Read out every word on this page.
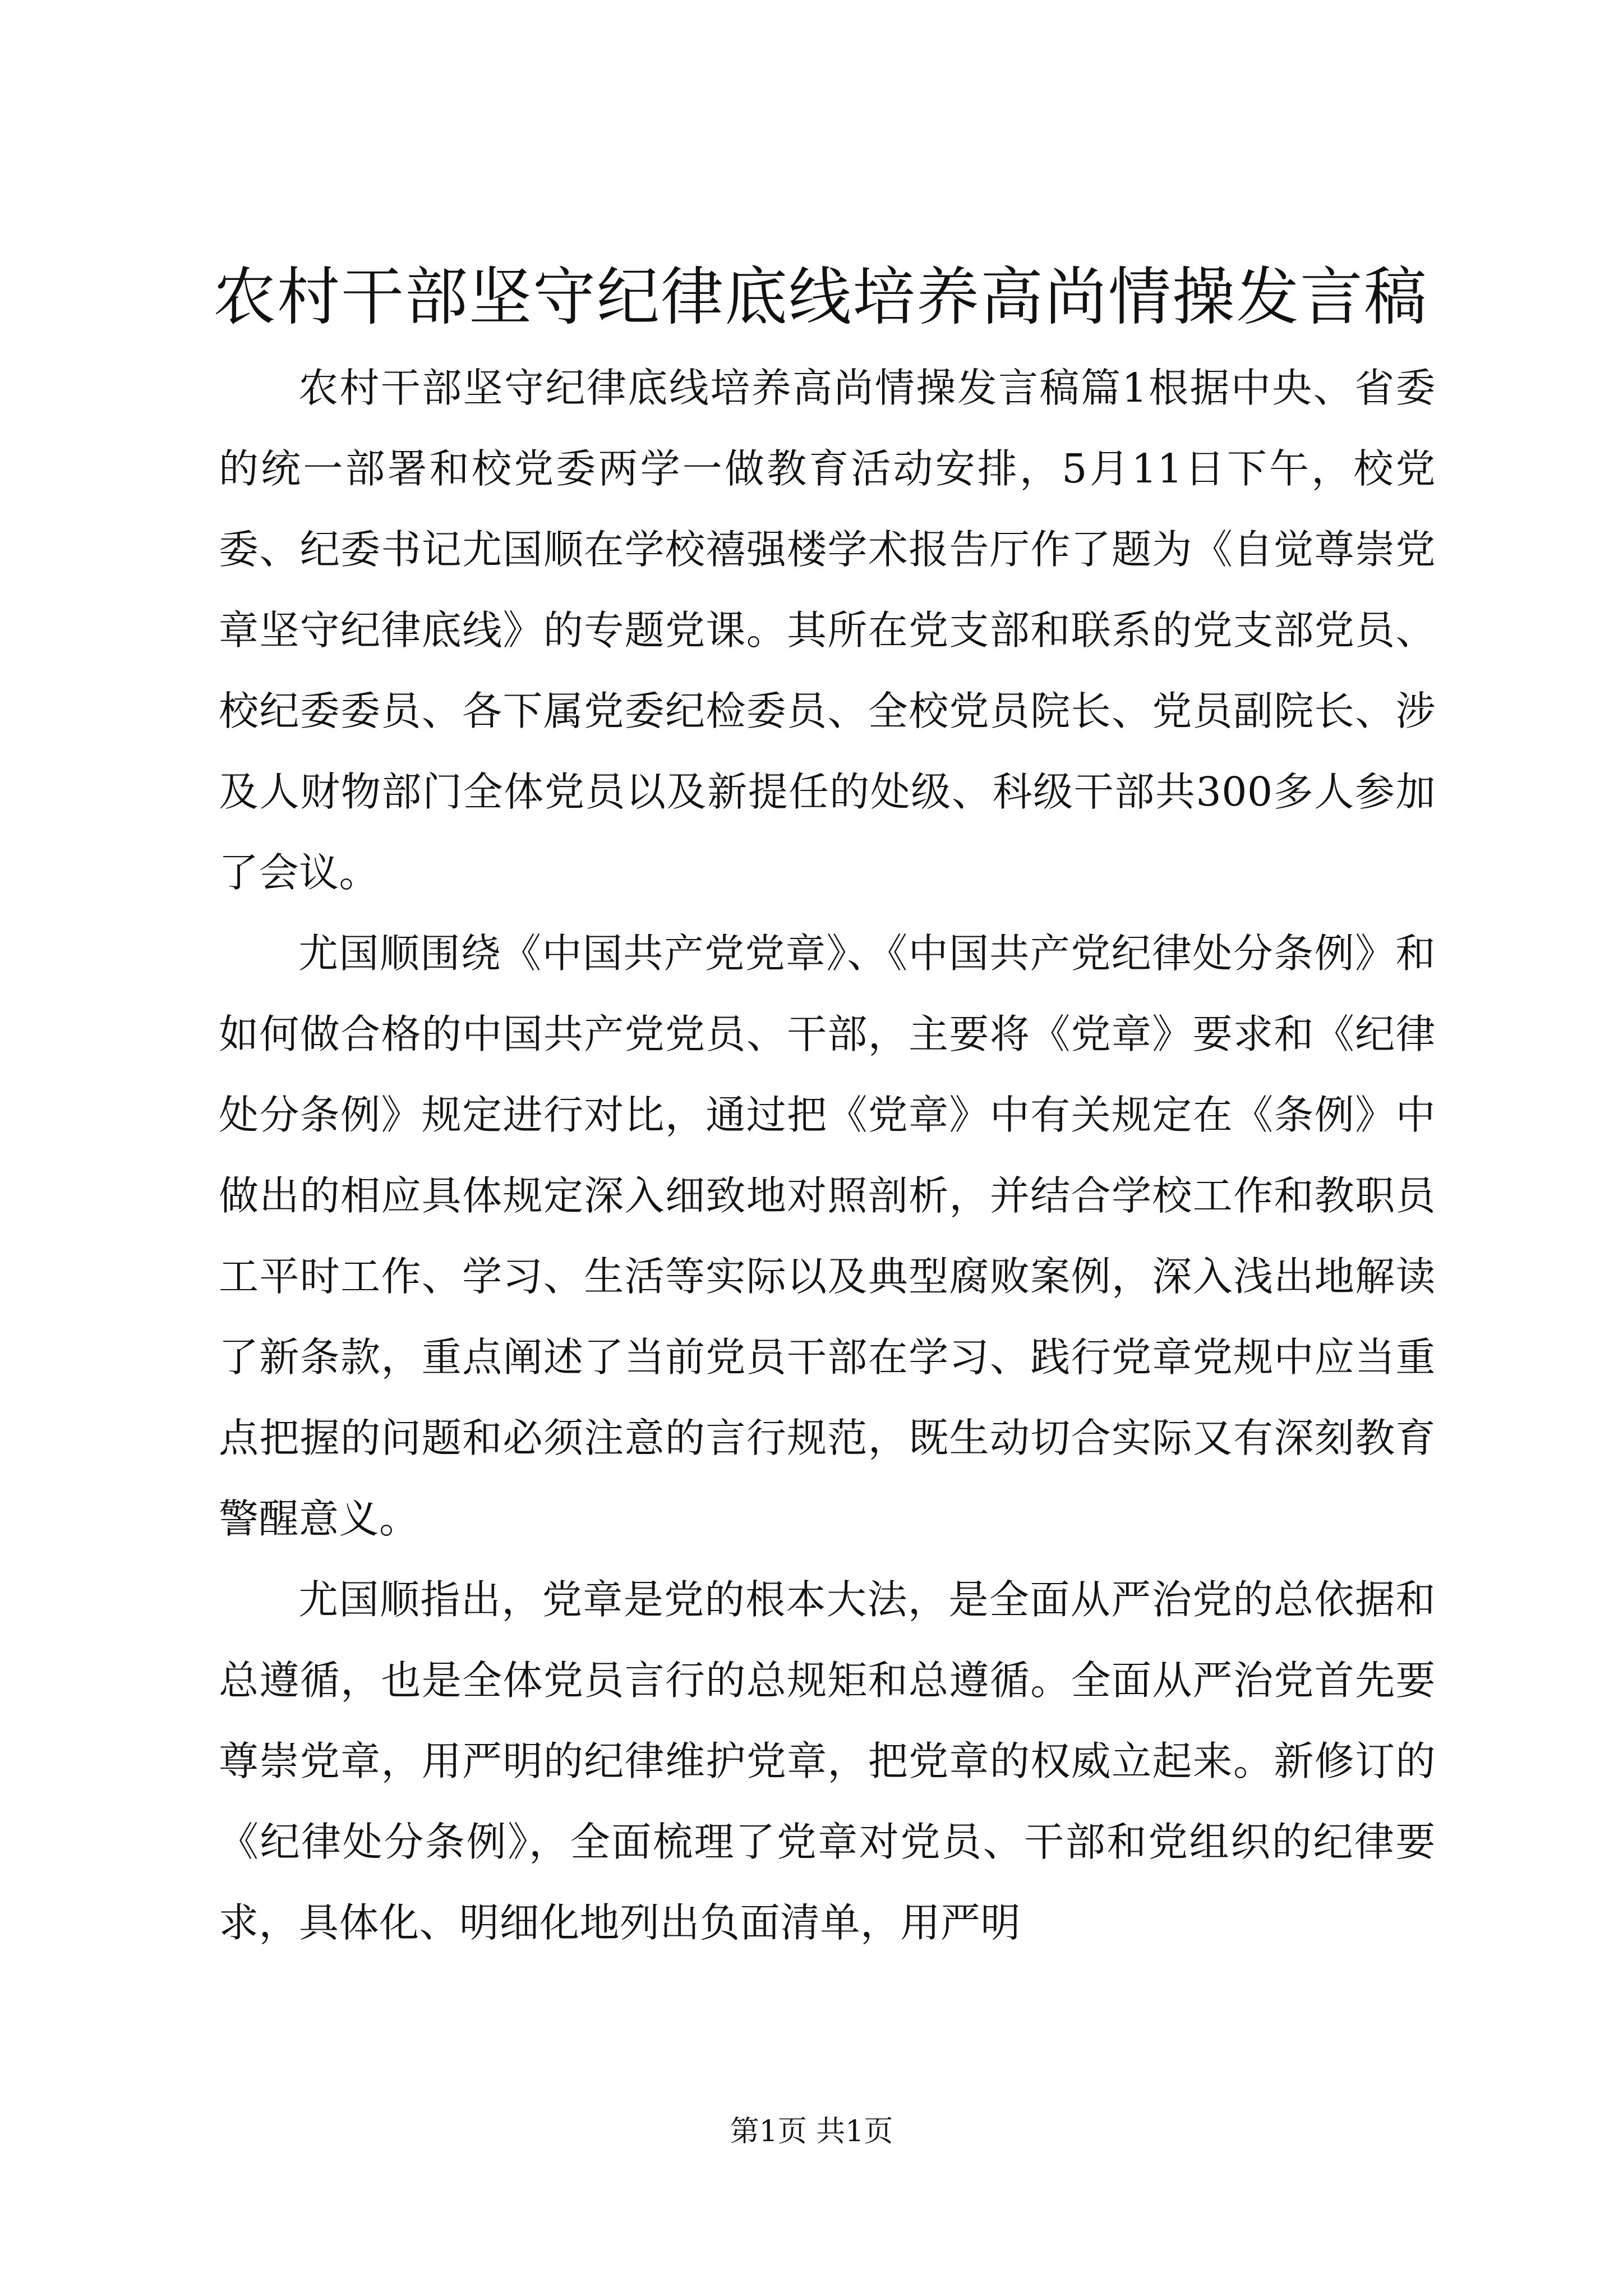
农村干部坚守纪律底线培养高尚情操发言稿

农村干部坚守纪律底线培养高尚情操发言稿篇1根据中央、省委的统一部署和校党委两学一做教育活动安排，5月11日下午，校党委、纪委书记尤国顺在学校禧强楼学术报告厅作了题为《自觉尊崇党章坚守纪律底线》的专题党课。其所在党支部和联系的党支部党员、校纪委委员、各下属党委纪检委员、全校党员院长、党员副院长、涉及人财物部门全体党员以及新提任的处级、科级干部共300多人参加了会议。

尤国顺围绕《中国共产党党章》、《中国共产党纪律处分条例》和如何做合格的中国共产党党员、干部，主要将《党章》要求和《纪律处分条例》规定进行对比，通过把《党章》中有关规定在《条例》中做出的相应具体规定深入细致地对照剖析，并结合学校工作和教职员工平时工作、学习、生活等实际以及典型腐败案例，深入浅出地解读了新条款，重点阐述了当前党员干部在学习、践行党章党规中应当重点把握的问题和必须注意的言行规范，既生动切合实际又有深刻教育警醒意义。

尤国顺指出，党章是党的根本大法，是全面从严治党的总依据和总遵循，也是全体党员言行的总规矩和总遵循。全面从严治党首先要尊崇党章，用严明的纪律维护党章，把党章的权威立起来。新修订的《纪律处分条例》，全面梳理了党章对党员、干部和党组织的纪律要求，具体化、明细化地列出负面清单，用严明

第1页 共1页
